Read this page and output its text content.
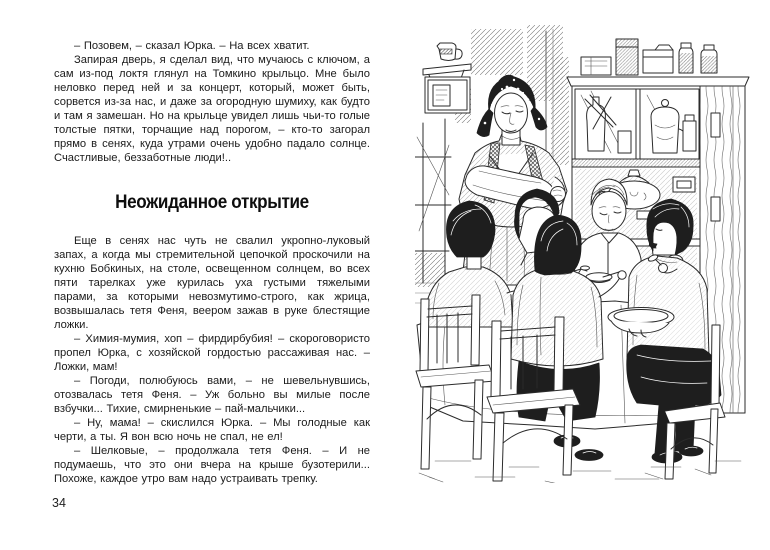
– Позовем, – сказал Юрка. – На всех хватит.

Запирая дверь, я сделал вид, что мучаюсь с ключом, а сам из-под локтя глянул на Томкино крыльцо. Мне было неловко перед ней и за концерт, который, может быть, сорвется из-за нас, и даже за огородную шумиху, как будто и там я замешан. Но на крыльце увидел лишь чьи-то голые толстые пятки, торчащие над порогом, – кто-то загорал прямо в сенях, куда утрами очень удобно падало солнце. Счастливые, беззаботные люди!..

Неожиданное открытие

Еще в сенях нас чуть не свалил укропно-луковый запах, а когда мы стремительной цепочкой проскочили на кухню Бобкиных, на столе, освещенном солнцем, во всех пяти тарелках уже курилась уха густыми тяжелыми парами, за которыми невозмутимо-строго, как жрица, возвышалась тетя Феня, веером зажав в руке блестящие ложки.

– Химия-мумия, хоп – фирдирбубия! – скороговористо пропел Юрка, с хозяйской гордостью рассаживая нас. – Ложки, мам!

– Погоди, полюбуюсь вами, – не шевельнувшись, отозвалась тетя Феня. – Уж больно вы милые после взбучки... Тихие, смирненькие – пай-мальчики...

– Ну, мама! – скислился Юрка. – Мы голодные как черти, а ты. Я вон всю ночь не спал, не ел!

– Шелковые, – продолжала тетя Феня. – И не подумаешь, что это они вчера на крыше бузотерили... Похоже, каждое утро вам надо устраивать трепку.

34
